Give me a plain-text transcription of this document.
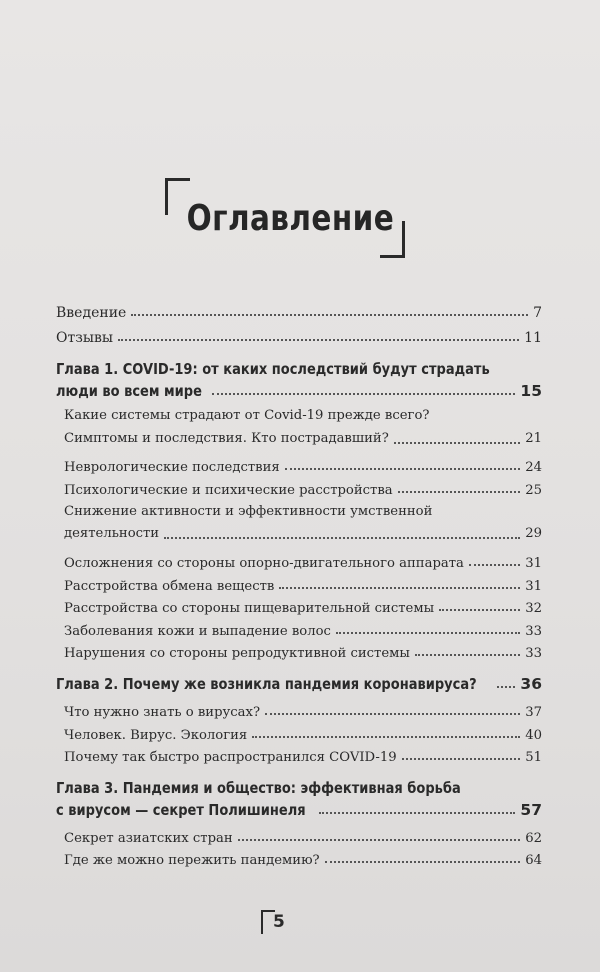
Оглавление
Введение	7
Отзывы	11
Глава 1. COVID-19: от каких последствий будут страдать
люди во всем мире	15
Какие системы страдают от Covid-19 прежде всего?
Симптомы и последствия. Кто пострадавший?	21
Неврологические последствия	24
Психологические и психические расстройства	25
Снижение активности и эффективности умственной
деятельности	29
Осложнения со стороны опорно-двигательного аппарата	31
Расстройства обмена веществ	31
Расстройства со стороны пищеварительной системы	32
Заболевания кожи и выпадение волос	33
Нарушения со стороны репродуктивной системы	33
Глава 2. Почему же возникла пандемия коронавируса?	36
Что нужно знать о вирусах?	37
Человек. Вирус. Экология	40
Почему так быстро распространился COVID-19	51
Глава 3. Пандемия и общество: эффективная борьба
с вирусом — секрет Полишинеля	57
Секрет азиатских стран	62
Где же можно пережить пандемию?	64
5
